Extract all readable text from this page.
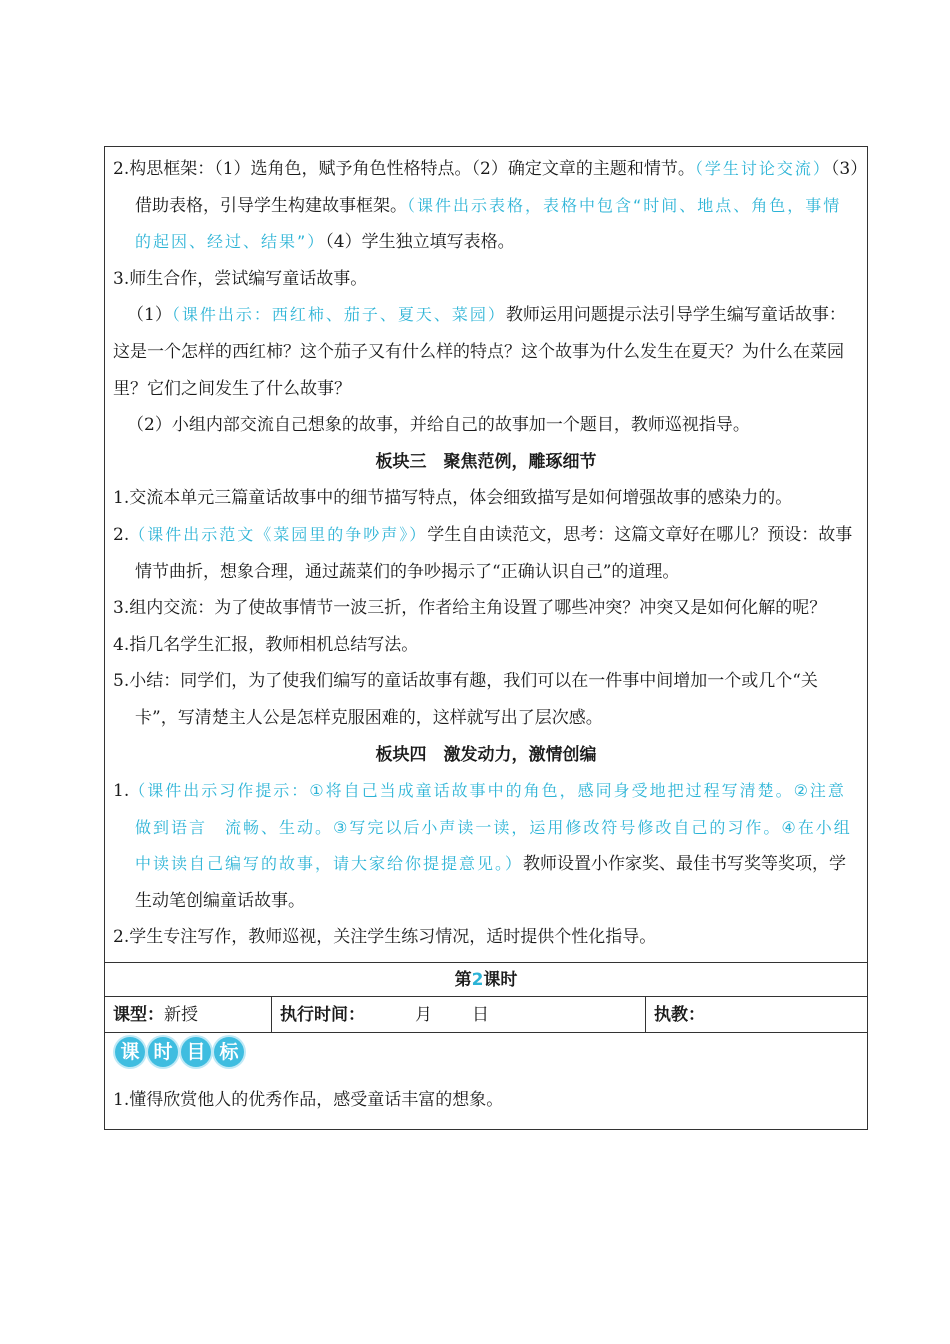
2.构思框架：（1）选角色，赋予角色性格特点。（2）确定文章的主题和情节。（学生讨论交流）（3）借助表格，引导学生构建故事框架。（课件出示表格，表格中包含“时间、地点、角色，事情的起因、经过、结果”）（4）学生独立填写表格。

3.师生合作，尝试编写童话故事。

（1）（课件出示：西红柿、茄子、夏天、菜园）教师运用问题提示法引导学生编写童话故事：这是一个怎样的西红柿？这个茄子又有什么样的特点？这个故事为什么发生在夏天？为什么在菜园里？它们之间发生了什么故事？

（2）小组内部交流自己想象的故事，并给自己的故事加一个题目，教师巡视指导。

板块三　聚焦范例，雕琢细节

1.交流本单元三篇童话故事中的细节描写特点，体会细致描写是如何增强故事的感染力的。

2.（课件出示范文《菜园里的争吵声》）学生自由读范文，思考：这篇文章好在哪儿？预设：故事情节曲折，想象合理，通过蔬菜们的争吵揭示了“正确认识自己”的道理。

3.组内交流：为了使故事情节一波三折，作者给主角设置了哪些冲突？冲突又是如何化解的呢？

4.指几名学生汇报，教师相机总结写法。

5.小结：同学们，为了使我们编写的童话故事有趣，我们可以在一件事中间增加一个或几个“关卡”，写清楚主人公是怎样克服困难的，这样就写出了层次感。

板块四　激发动力，激情创编

1.（课件出示习作提示：①将自己当成童话故事中的角色，感同身受地把过程写清楚。②注意做到语言　流畅、生动。③写完以后小声读一读，运用修改符号修改自己的习作。④在小组中读读自己编写的故事，请大家给你提提意见。）教师设置小作家奖、最佳书写奖等奖项，学生动笔创编童话故事。

2.学生专注写作，教师巡视，关注学生练习情况，适时提供个性化指导。

第2课时
课型：新授	执行时间：	月 日	执教：
课 时 目 标
1.懂得欣赏他人的优秀作品，感受童话丰富的想象。
